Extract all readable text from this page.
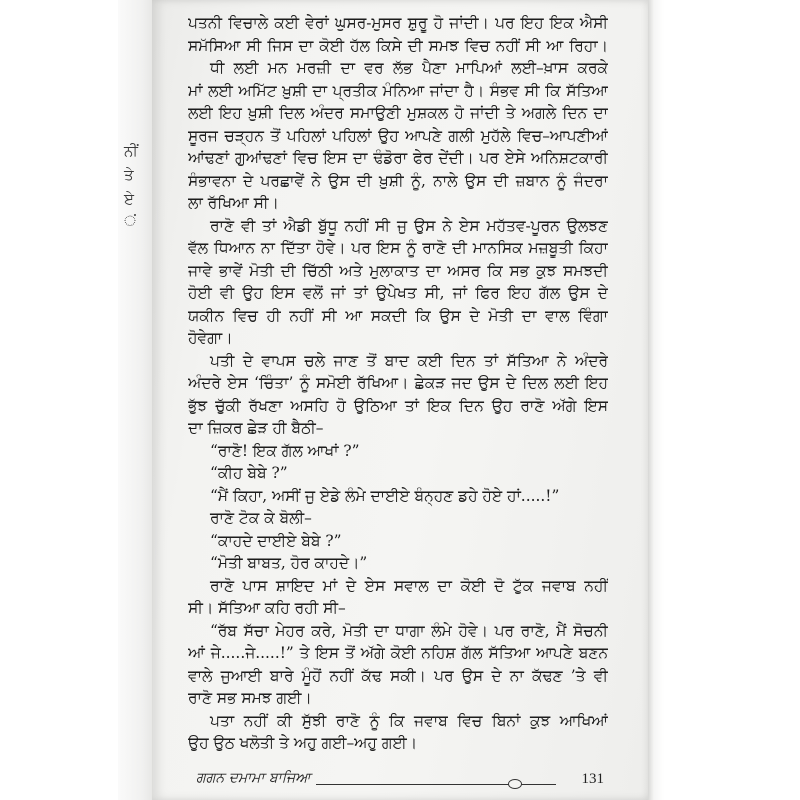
ਨੀਂ
ਤੇ
ਏ
ਂ
ਪਤਨੀ ਵਿਚਾਲੇ ਕਈ ਵੇਰਾਂ ਘੁਸਰ-ਮੁਸਰ ਸ਼ੁਰੂ ਹੋ ਜਾਂਦੀ। ਪਰ ਇਹ ਇਕ ਐਸੀ
ਸਮੱਸਿਆ ਸੀ ਜਿਸ ਦਾ ਕੋਈ ਹੱਲ ਕਿਸੇ ਦੀ ਸਮਝ ਵਿਚ ਨਹੀਂ ਸੀ ਆ ਰਿਹਾ।
ਧੀ ਲਈ ਮਨ ਮਰਜ਼ੀ ਦਾ ਵਰ ਲੱਭ ਪੈਣਾ ਮਾਪਿਆਂ ਲਈ–ਖ਼ਾਸ ਕਰਕੇ
ਮਾਂ ਲਈ ਅਮਿੱਟ ਖ਼ੁਸ਼ੀ ਦਾ ਪ੍ਰਤੀਕ ਮੰਨਿਆ ਜਾਂਦਾ ਹੈ। ਸੰਭਵ ਸੀ ਕਿ ਸੱਤਿਆ
ਲਈ ਇਹ ਖ਼ੁਸ਼ੀ ਦਿਲ ਅੰਦਰ ਸਮਾਉਣੀ ਮੁਸ਼ਕਲ ਹੋ ਜਾਂਦੀ ਤੇ ਅਗਲੇ ਦਿਨ ਦਾ
ਸੂਰਜ ਚੜ੍ਹਨ ਤੋਂ ਪਹਿਲਾਂ ਪਹਿਲਾਂ ਉਹ ਆਪਣੇ ਗਲੀ ਮੁਹੱਲੇ ਵਿਚ–ਆਪਣੀਆਂ
ਆਂਢਣਾਂ ਗੁਆਂਢਣਾਂ ਵਿਚ ਇਸ ਦਾ ਢੰਡੋਰਾ ਫੇਰ ਦੇਂਦੀ। ਪਰ ਏਸੇ ਅਨਿਸ਼ਟਕਾਰੀ
ਸੰਭਾਵਨਾ ਦੇ ਪਰਛਾਵੇਂ ਨੇ ਉਸ ਦੀ ਖ਼ੁਸ਼ੀ ਨੂੰ, ਨਾਲੇ ਉਸ ਦੀ ਜ਼ਬਾਨ ਨੂੰ ਜੰਦਰਾ
ਲਾ ਰੱਖਿਆ ਸੀ।
ਰਾਣੋ ਵੀ ਤਾਂ ਐਡੀ ਬੁੱਧੂ ਨਹੀਂ ਸੀ ਜੁ ਉਸ ਨੇ ਏਸ ਮਹੱਤਵ-ਪੂਰਨ ਉਲਝਣ
ਵੱਲ ਧਿਆਨ ਨਾ ਦਿੱਤਾ ਹੋਵੇ। ਪਰ ਇਸ ਨੂੰ ਰਾਣੋ ਦੀ ਮਾਨਸਿਕ ਮਜ਼ਬੂਤੀ ਕਿਹਾ
ਜਾਵੇ ਭਾਵੇਂ ਮੋਤੀ ਦੀ ਚਿੱਠੀ ਅਤੇ ਮੁਲਾਕਾਤ ਦਾ ਅਸਰ ਕਿ ਸਭ ਕੁਝ ਸਮਝਦੀ
ਹੋਈ ਵੀ ਉਹ ਇਸ ਵਲੋਂ ਜਾਂ ਤਾਂ ਉਪੇਖਤ ਸੀ, ਜਾਂ ਫਿਰ ਇਹ ਗੱਲ ਉਸ ਦੇ
ਯਕੀਨ ਵਿਚ ਹੀ ਨਹੀਂ ਸੀ ਆ ਸਕਦੀ ਕਿ ਉਸ ਦੇ ਮੋਤੀ ਦਾ ਵਾਲ ਵਿੰਗਾ
ਹੋਵੇਗਾ।
ਪਤੀ ਦੇ ਵਾਪਸ ਚਲੇ ਜਾਣ ਤੋਂ ਬਾਦ ਕਈ ਦਿਨ ਤਾਂ ਸੱਤਿਆ ਨੇ ਅੰਦਰੇ
ਅੰਦਰੇ ਏਸ ‘ਚਿੰਤਾ’ ਨੂੰ ਸਮੋਈ ਰੱਖਿਆ। ਛੇਕੜ ਜਦ ਉਸ ਦੇ ਦਿਲ ਲਈ ਇਹ
ਭੁੱਝ ਚੁੱਕੀ ਰੱਖਣਾ ਅਸਹਿ ਹੋ ਉਠਿਆ ਤਾਂ ਇਕ ਦਿਨ ਉਹ ਰਾਣੋ ਅੱਗੇ ਇਸ
ਦਾ ਜ਼ਿਕਰ ਛੇੜ ਹੀ ਬੈਠੀ–
“ਰਾਣੋ! ਇਕ ਗੱਲ ਆਖਾਂ ?”
“ਕੀਹ ਬੇਬੇ ?”
“ਮੈਂ ਕਿਹਾ, ਅਸੀਂ ਜੁ ਏਡੇ ਲੰਮੇ ਦਾਈਏ ਬੰਨ੍ਹਣ ਡਹੇ ਹੋਏ ਹਾਂ.....!”
ਰਾਣੋ ਟੋਕ ਕੇ ਬੋਲੀ–
“ਕਾਹਦੇ ਦਾਈਏ ਬੇਬੇ ?”
“ਮੋਤੀ ਬਾਬਤ, ਹੋਰ ਕਾਹਦੇ।”
ਰਾਣੋ ਪਾਸ ਸ਼ਾਇਦ ਮਾਂ ਦੇ ਏਸ ਸਵਾਲ ਦਾ ਕੋਈ ਦੋ ਟੁੱਕ ਜਵਾਬ ਨਹੀਂ
ਸੀ। ਸੱਤਿਆ ਕਹਿ ਰਹੀ ਸੀ–
“ਰੱਬ ਸੱਚਾ ਮੇਹਰ ਕਰੇ, ਮੋਤੀ ਦਾ ਧਾਗਾ ਲੰਮੇ ਹੋਵੇ। ਪਰ ਰਾਣੋ, ਮੈਂ ਸੋਚਨੀ
ਆਂ ਜੇ.....ਜੇ.....!” ਤੇ ਇਸ ਤੋਂ ਅੱਗੇ ਕੋਈ ਨਹਿਸ਼ ਗੱਲ ਸੱਤਿਆ ਆਪਣੇ ਬਣਨ
ਵਾਲੇ ਜੁਆਈ ਬਾਰੇ ਮੂੰਹੋਂ ਨਹੀਂ ਕੱਢ ਸਕੀ। ਪਰ ਉਸ ਦੇ ਨਾ ਕੱਢਣ ’ਤੇ ਵੀ
ਰਾਣੋ ਸਭ ਸਮਝ ਗਈ।
ਪਤਾ ਨਹੀਂ ਕੀ ਸੁੱਝੀ ਰਾਣੋ ਨੂੰ ਕਿ ਜਵਾਬ ਵਿਚ ਬਿਨਾਂ ਕੁਝ ਆਖਿਆਂ
ਉਹ ਉਠ ਖਲੋਤੀ ਤੇ ਅਹੁ ਗਈ–ਅਹੁ ਗਈ।
ਗਗਨ ਦਮਾਮਾ ਬਾਜਿਆ	131
